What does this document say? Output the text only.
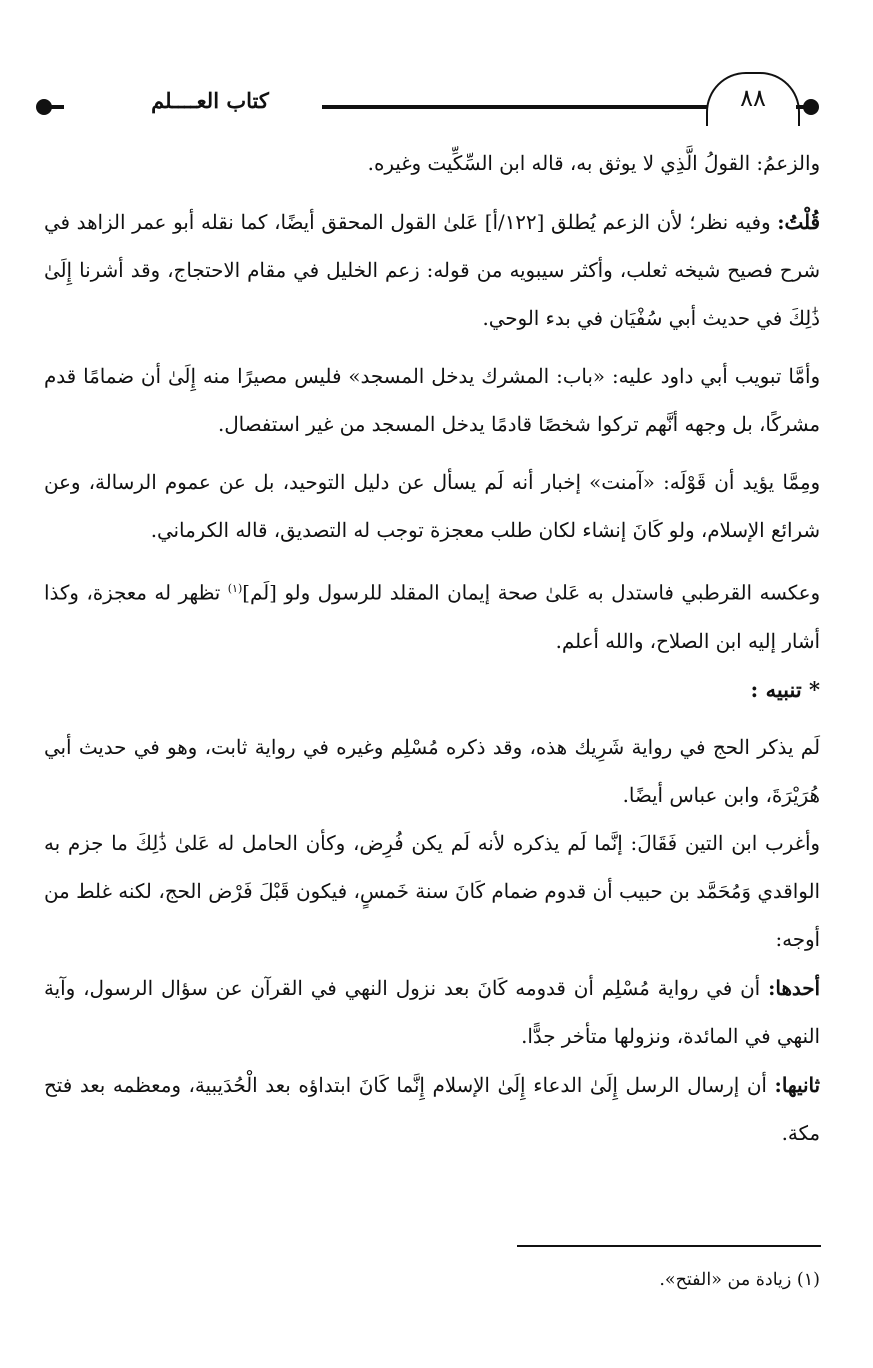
كتاب العــــلم	٨٨

والزعمُ: القولُ الَّذِي لا يوثق به، قاله ابن السِّكِّيت وغيره.

قُلْتُ: وفيه نظر؛ لأن الزعم يُطلق [١٢٢/أ] عَلىٰ القول المحقق أيضًا، كما نقله أبو عمر الزاهد في شرح فصيح شيخه ثعلب، وأكثر سيبويه من قوله: زعم الخليل في مقام الاحتجاج، وقد أشرنا إِلَىٰ ذَٰلِكَ في حديث أبي سُفْيَان في بدء الوحي.

وأمَّا تبويب أبي داود عليه: «باب: المشرك يدخل المسجد» فليس مصيرًا منه إِلَىٰ أن ضمامًا قدم مشركًا، بل وجهه أنَّهم تركوا شخصًا قادمًا يدخل المسجد من غير استفصال.

ومِمَّا يؤيد أن قَوْلَه: «آمنت» إخبار أنه لَم يسأل عن دليل التوحيد، بل عن عموم الرسالة، وعن شرائع الإسلام، ولو كَانَ إنشاء لكان طلب معجزة توجب له التصديق، قاله الكرماني.

وعكسه القرطبي فاستدل به عَلىٰ صحة إيمان المقلد للرسول ولو [لَم]$^{(١)}$ تظهر له معجزة، وكذا أشار إليه ابن الصلاح، والله أعلم.

* تنبيه :

لَم يذكر الحج في رواية شَرِيك هذه، وقد ذكره مُسْلِم وغيره في رواية ثابت، وهو في حديث أبي هُرَيْرَةَ، وابن عباس أيضًا.

وأغرب ابن التين فَقَالَ: إنَّما لَم يذكره لأنه لَم يكن فُرِض، وكأن الحامل له عَلىٰ ذَٰلِكَ ما جزم به الواقدي وَمُحَمَّد بن حبيب أن قدوم ضمام كَانَ سنة خَمسٍ، فيكون قَبْلَ فَرْض الحج، لكنه غلط من أوجه:

أحدها: أن في رواية مُسْلِم أن قدومه كَانَ بعد نزول النهي في القرآن عن سؤال الرسول، وآية النهي في المائدة، ونزولها متأخر جدًّا.

ثانيها: أن إرسال الرسل إِلَىٰ الدعاء إِلَىٰ الإسلام إِنَّما كَانَ ابتداؤه بعد الْحُدَيبية، ومعظمه بعد فتح مكة.

(١) زيادة من «الفتح».
